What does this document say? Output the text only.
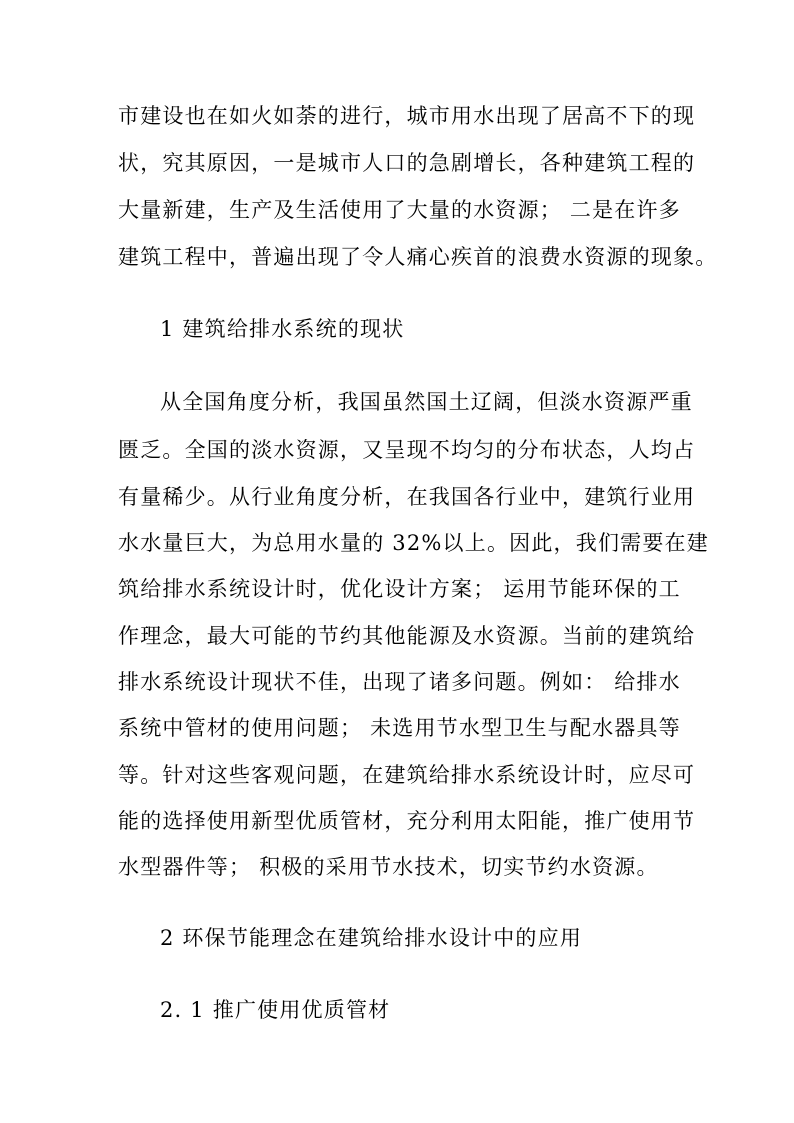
市建设也在如火如荼的进行，城市用水出现了居高不下的现
状，究其原因，一是城市人口的急剧增长，各种建筑工程的
大量新建，生产及生活使用了大量的水资源； 二是在许多
建筑工程中，普遍出现了令人痛心疾首的浪费水资源的现象。
1 建筑给排水系统的现状
从全国角度分析，我国虽然国土辽阔，但淡水资源严重
匮乏。全国的淡水资源，又呈现不均匀的分布状态，人均占
有量稀少。从行业角度分析，在我国各行业中，建筑行业用
水水量巨大，为总用水量的 32%以上。因此，我们需要在建
筑给排水系统设计时，优化设计方案； 运用节能环保的工
作理念，最大可能的节约其他能源及水资源。当前的建筑给
排水系统设计现状不佳，出现了诸多问题。例如： 给排水
系统中管材的使用问题； 未选用节水型卫生与配水器具等
等。针对这些客观问题，在建筑给排水系统设计时，应尽可
能的选择使用新型优质管材，充分利用太阳能，推广使用节
水型器件等； 积极的采用节水技术，切实节约水资源。
2 环保节能理念在建筑给排水设计中的应用
2. 1 推广使用优质管材
